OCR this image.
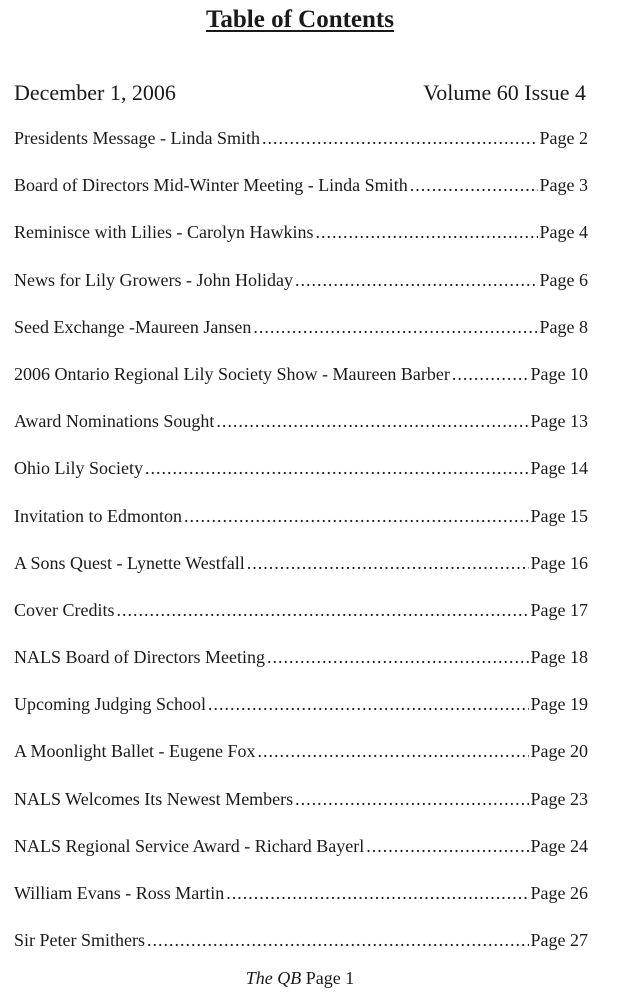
Table of Contents
December 1, 2006	Volume 60 Issue 4
Presidents Message - Linda Smith .....	Page 2
Board of Directors Mid-Winter Meeting - Linda Smith .....	Page 3
Reminisce with Lilies - Carolyn Hawkins .....	Page 4
News for Lily Growers - John Holiday .....	Page 6
Seed Exchange -Maureen Jansen .....	Page 8
2006 Ontario Regional Lily Society Show - Maureen Barber .....	Page 10
Award Nominations Sought .....	Page 13
Ohio Lily Society .....	Page 14
Invitation to Edmonton .....	Page 15
A Sons Quest - Lynette Westfall .....	Page 16
Cover Credits .....	Page 17
NALS Board of Directors Meeting .....	Page 18
Upcoming Judging School .....	Page 19
A Moonlight Ballet - Eugene Fox .....	Page 20
NALS Welcomes Its Newest Members .....	Page 23
NALS Regional Service Award - Richard Bayerl .....	Page 24
William Evans - Ross Martin .....	Page 26
Sir Peter Smithers .....	Page 27
The QB Page 1
